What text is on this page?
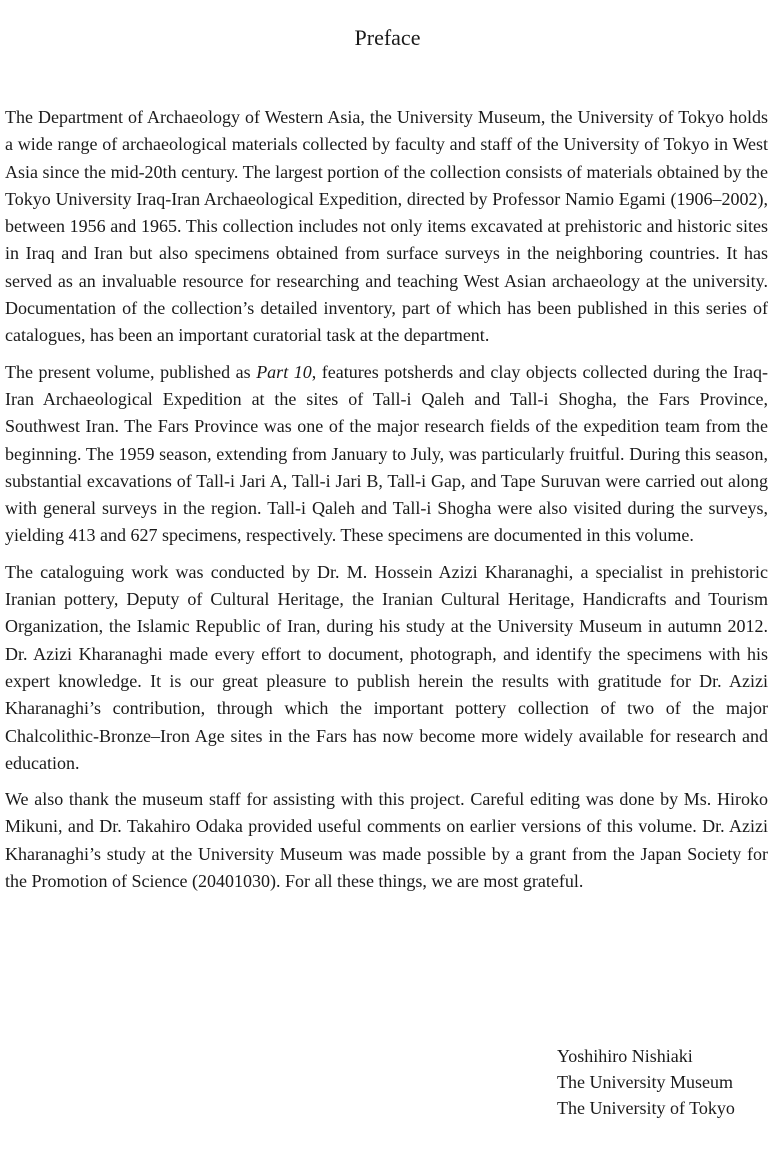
Preface

The Department of Archaeology of Western Asia, the University Museum, the University of Tokyo holds a wide range of archaeological materials collected by faculty and staff of the University of Tokyo in West Asia since the mid-20th century. The largest portion of the collection consists of materials obtained by the Tokyo University Iraq-Iran Archaeological Expedition, directed by Professor Namio Egami (1906–2002), between 1956 and 1965. This collection includes not only items excavated at prehistoric and historic sites in Iraq and Iran but also specimens obtained from surface surveys in the neighboring countries. It has served as an invaluable resource for researching and teaching West Asian archaeology at the university. Documentation of the collection’s detailed inventory, part of which has been published in this series of catalogues, has been an important curatorial task at the department.

The present volume, published as Part 10, features potsherds and clay objects collected during the Iraq-Iran Archaeological Expedition at the sites of Tall-i Qaleh and Tall-i Shogha, the Fars Province, Southwest Iran. The Fars Province was one of the major research fields of the expedition team from the beginning. The 1959 season, extending from January to July, was particularly fruitful. During this season, substantial excavations of Tall-i Jari A, Tall-i Jari B, Tall-i Gap, and Tape Suruvan were carried out along with general surveys in the region. Tall-i Qaleh and Tall-i Shogha were also visited during the surveys, yielding 413 and 627 specimens, respectively. These specimens are documented in this volume.

The cataloguing work was conducted by Dr. M. Hossein Azizi Kharanaghi, a specialist in prehistoric Iranian pottery, Deputy of Cultural Heritage, the Iranian Cultural Heritage, Handicrafts and Tourism Organization, the Islamic Republic of Iran, during his study at the University Museum in autumn 2012. Dr. Azizi Kharanaghi made every effort to document, photograph, and identify the specimens with his expert knowledge. It is our great pleasure to publish herein the results with gratitude for Dr. Azizi Kharanaghi’s contribution, through which the important pottery collection of two of the major Chalcolithic-Bronze–Iron Age sites in the Fars has now become more widely available for research and education.

We also thank the museum staff for assisting with this project. Careful editing was done by Ms. Hiroko Mikuni, and Dr. Takahiro Odaka provided useful comments on earlier versions of this volume. Dr. Azizi Kharanaghi’s study at the University Museum was made possible by a grant from the Japan Society for the Promotion of Science (20401030). For all these things, we are most grateful.

Yoshihiro Nishiaki
The University Museum
The University of Tokyo
